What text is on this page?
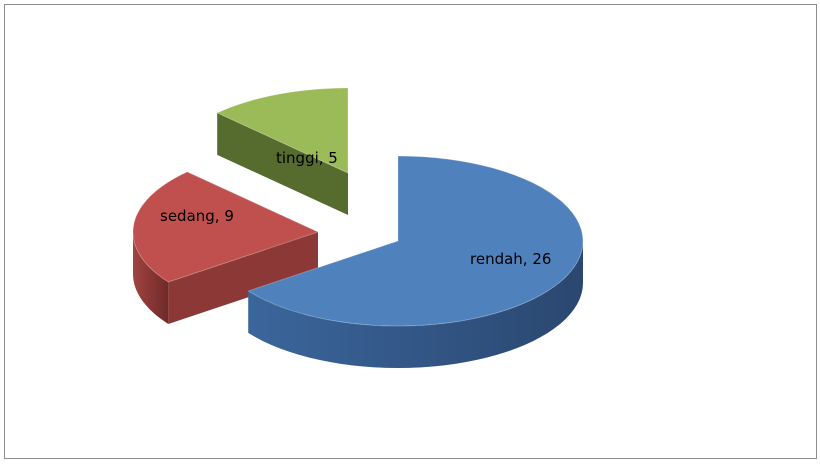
rendah, 26
sedang, 9
tinggi, 5
